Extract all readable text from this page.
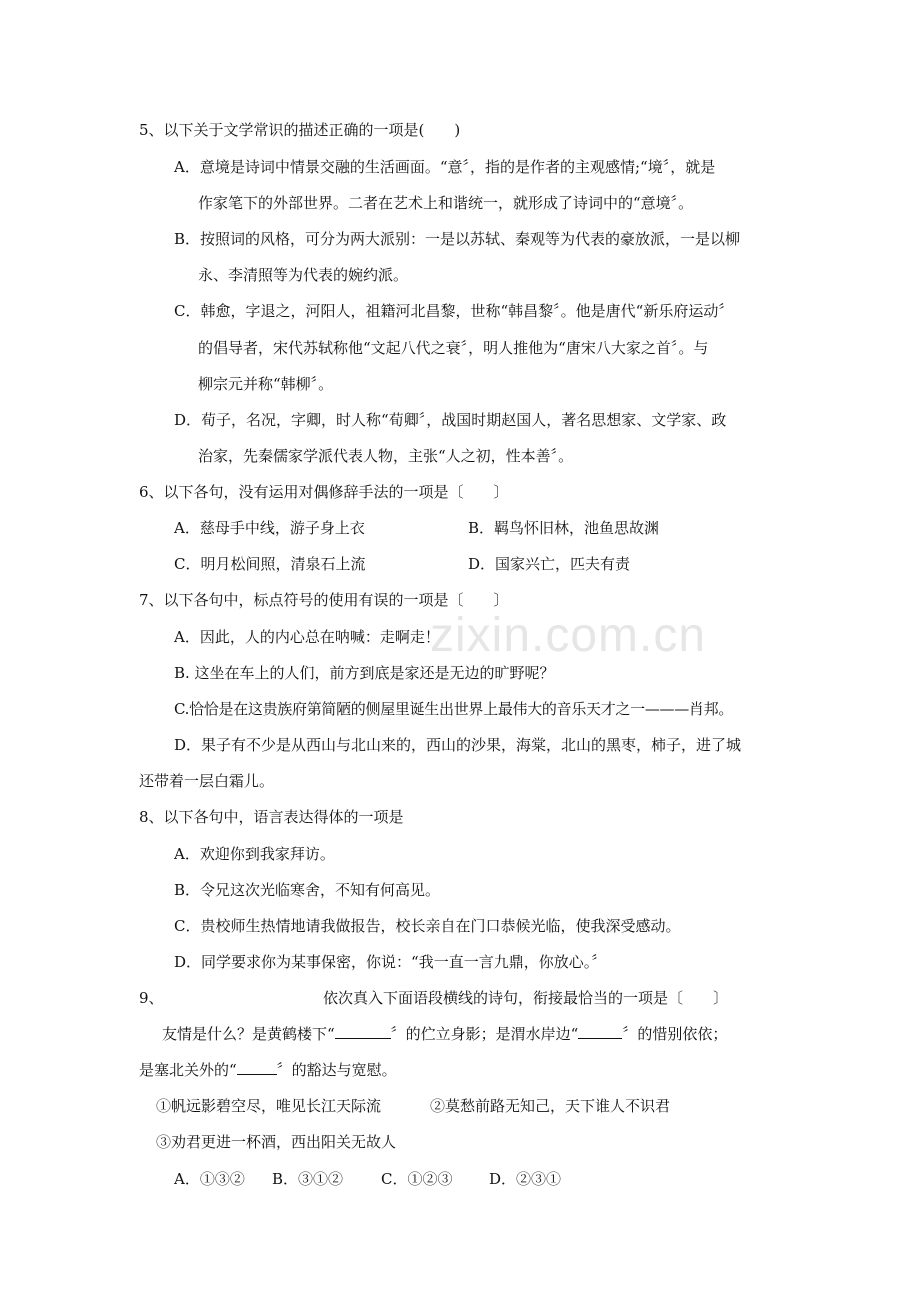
zixin.com.cn
5、以下关于文学常识的描述正确的一项是(　　)
A．意境是诗词中情景交融的生活画面。“意〞，指的是作者的主观感情;“境〞，就是
作家笔下的外部世界。二者在艺术上和谐统一，就形成了诗词中的“意境〞。
B．按照词的风格，可分为两大派别：一是以苏轼、秦观等为代表的豪放派，一是以柳
永、李清照等为代表的婉约派。
C．韩愈，字退之，河阳人，祖籍河北昌黎，世称“韩昌黎〞。他是唐代“新乐府运动〞
的倡导者，宋代苏轼称他“文起八代之衰〞，明人推他为“唐宋八大家之首〞。与
柳宗元并称“韩柳〞。
D．荀子，名况，字卿，时人称“荀卿〞，战国时期赵国人，著名思想家、文学家、政
治家，先秦儒家学派代表人物，主张“人之初，性本善〞。
6、以下各句，没有运用对偶修辞手法的一项是〔　　〕
A．慈母手中线，游子身上衣	B．羁鸟怀旧林，池鱼思故渊
C．明月松间照，清泉石上流	D．国家兴亡，匹夫有责
7、以下各句中，标点符号的使用有误的一项是〔　　〕
A．因此，人的内心总在呐喊：走啊走！
B. 这坐在车上的人们，前方到底是家还是无边的旷野呢？
C.恰恰是在这贵族府第简陋的侧屋里诞生出世界上最伟大的音乐天才之一———肖邦。
D．果子有不少是从西山与北山来的，西山的沙果，海棠，北山的黑枣，柿子，进了城
还带着一层白霜儿。
8、以下各句中，语言表达得体的一项是
A．欢迎你到我家拜访。
B．令兄这次光临寒舍，不知有何高见。
C．贵校师生热情地请我做报告，校长亲自在门口恭候光临，使我深受感动。
D．同学要求你为某事保密，你说：“我一直一言九鼎，你放心。〞
9、	依次真入下面语段横线的诗句，衔接最恰当的一项是〔　　〕
友情是什么？是黄鹤楼下“	〞的伫立身影；是渭水岸边“	〞的惜别依依；
是塞北关外的“	〞的豁达与宽慰。
①帆远影碧空尽，唯见长江天际流	②莫愁前路无知己，天下谁人不识君
③劝君更进一杯酒，西出阳关无故人
A．①③② B．③①②	C．①②③ D．②③①
